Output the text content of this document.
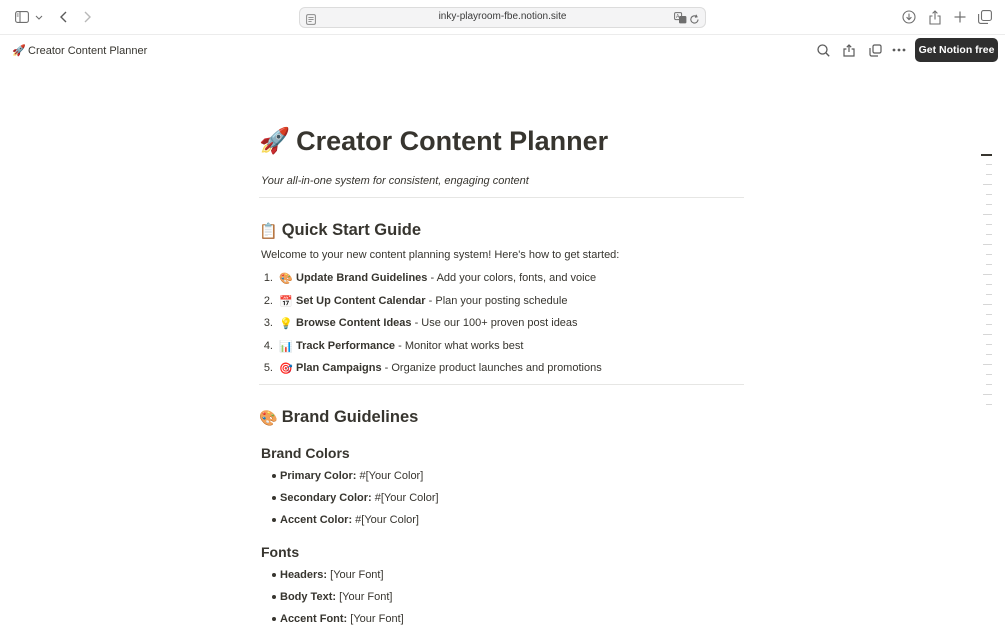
inky-playroom-fbe.notion.site	A
🚀 Creator Content Planner	Get Notion free
🚀 Creator Content Planner
Your all-in-one system for consistent, engaging content
📋 Quick Start Guide
Welcome to your new content planning system! Here's how to get started:
1. 🎨 Update Brand Guidelines - Add your colors, fonts, and voice
2. 📅 Set Up Content Calendar - Plan your posting schedule
3. 💡 Browse Content Ideas - Use our 100+ proven post ideas
4. 📊 Track Performance - Monitor what works best
5. 🎯 Plan Campaigns - Organize product launches and promotions
🎨 Brand Guidelines
Brand Colors
Primary Color: #[Your Color]
Secondary Color: #[Your Color]
Accent Color: #[Your Color]
Fonts
Headers: [Your Font]
Body Text: [Your Font]
Accent Font: [Your Font]
